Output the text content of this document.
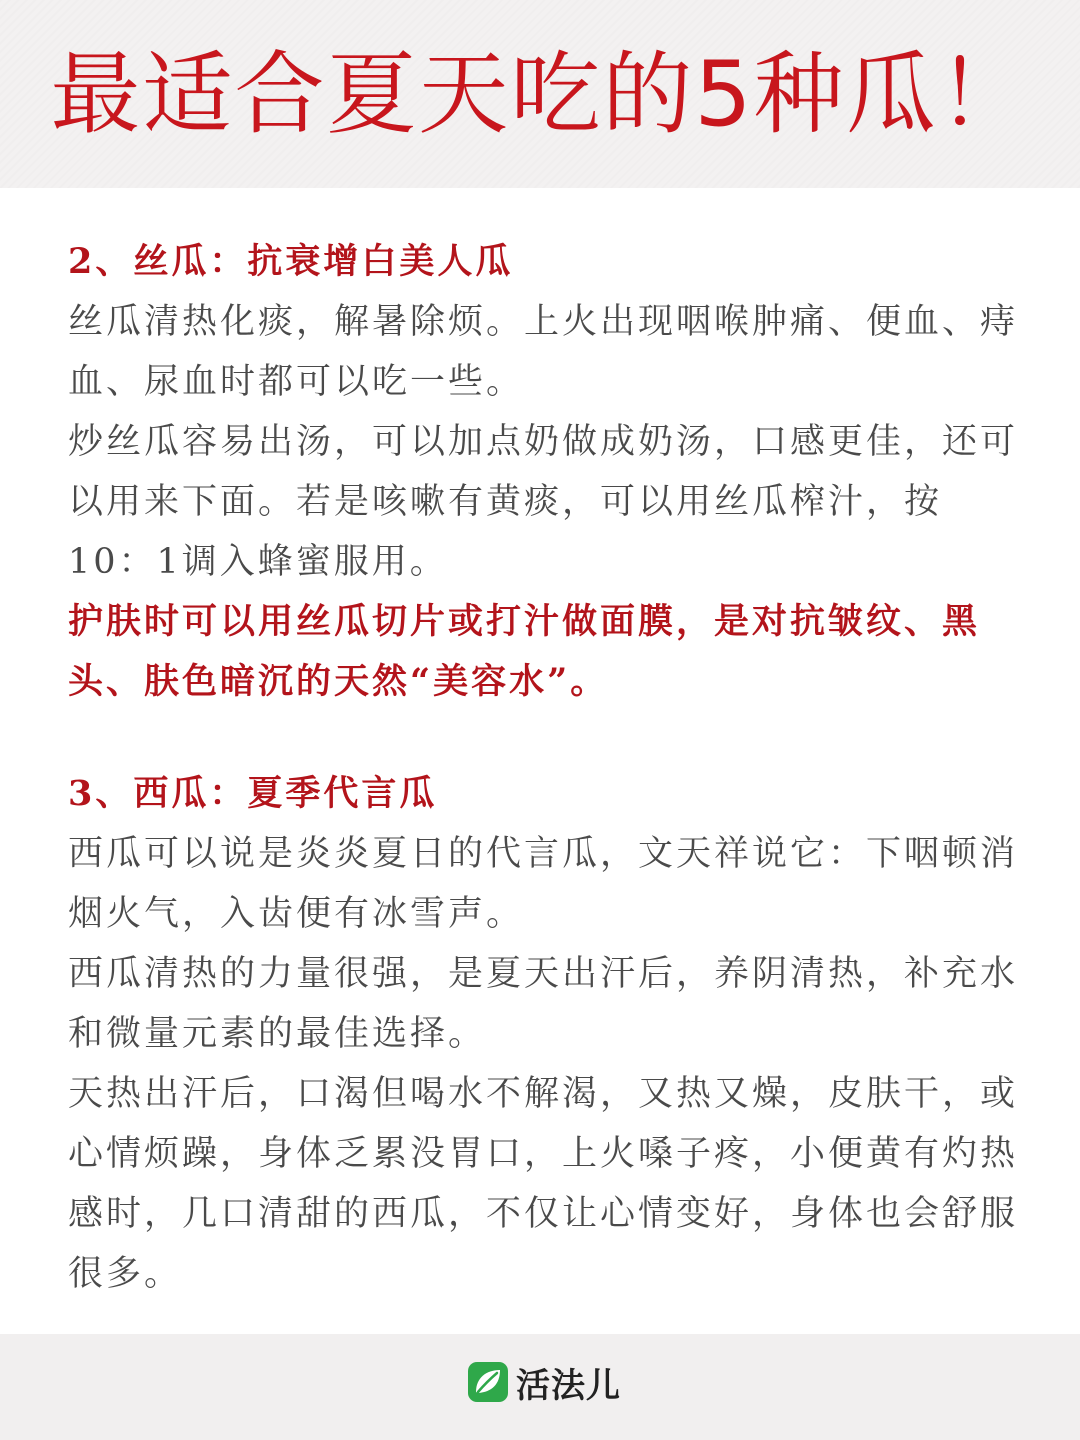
最适合夏天吃的5种瓜！
2、丝瓜：抗衰增白美人瓜

丝瓜清热化痰，解暑除烦。上火出现咽喉肿痛、便血、痔血、尿血时都可以吃一些。

炒丝瓜容易出汤，可以加点奶做成奶汤，口感更佳，还可以用来下面。若是咳嗽有黄痰，可以用丝瓜榨汁，按10：1调入蜂蜜服用。

护肤时可以用丝瓜切片或打汁做面膜，是对抗皱纹、黑头、肤色暗沉的天然“美容水”。

3、西瓜：夏季代言瓜

西瓜可以说是炎炎夏日的代言瓜，文天祥说它：下咽顿消烟火气，入齿便有冰雪声。

西瓜清热的力量很强，是夏天出汗后，养阴清热，补充水和微量元素的最佳选择。

天热出汗后，口渴但喝水不解渴，又热又燥，皮肤干，或心情烦躁，身体乏累没胃口，上火嗓子疼，小便黄有灼热感时，几口清甜的西瓜，不仅让心情变好，身体也会舒服很多。

活法儿
